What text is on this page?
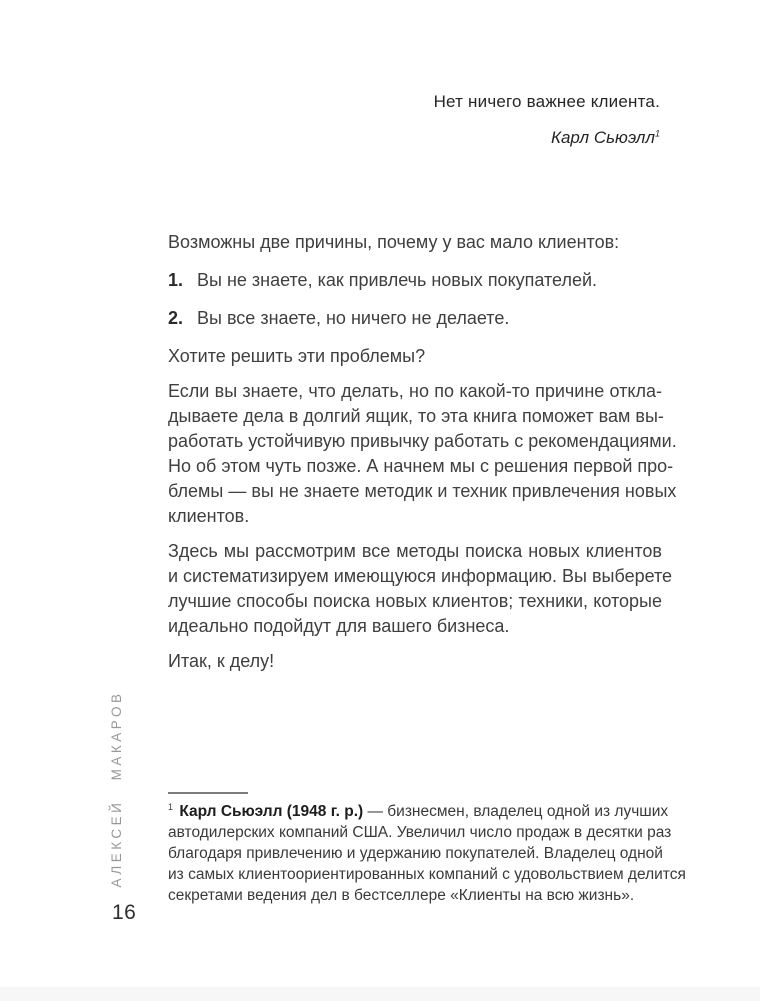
Нет ничего важнее клиента.
Карл Сьюэлл$^1$
Возможны две причины, почему у вас мало клиентов:
1. Вы не знаете, как привлечь новых покупателей.
2. Вы все знаете, но ничего не делаете.
Хотите решить эти проблемы?
Если вы знаете, что делать, но по какой-то причине откла-
дываете дела в долгий ящик, то эта книга поможет вам вы-
работать устойчивую привычку работать с рекомендациями.
Но об этом чуть позже. А начнем мы с решения первой про-
блемы — вы не знаете методик и техник привлечения новых
клиентов.
Здесь мы рассмотрим все методы поиска новых клиентов
и систематизируем имеющуюся информацию. Вы выберете
лучшие способы поиска новых клиентов; техники, которые
идеально подойдут для вашего бизнеса.
Итак, к делу!
АЛЕКСЕЙ МАКАРОВ	$^1$ Карл Сьюэлл (1948 г. р.) — бизнесмен, владелец одной из лучших
автодилерских компаний США. Увеличил число продаж в десятки раз
благодаря привлечению и удержанию покупателей. Владелец одной
из самых клиентоориентированных компаний с удовольствием делится
секретами ведения дел в бестселлере «Клиенты на всю жизнь».
16
